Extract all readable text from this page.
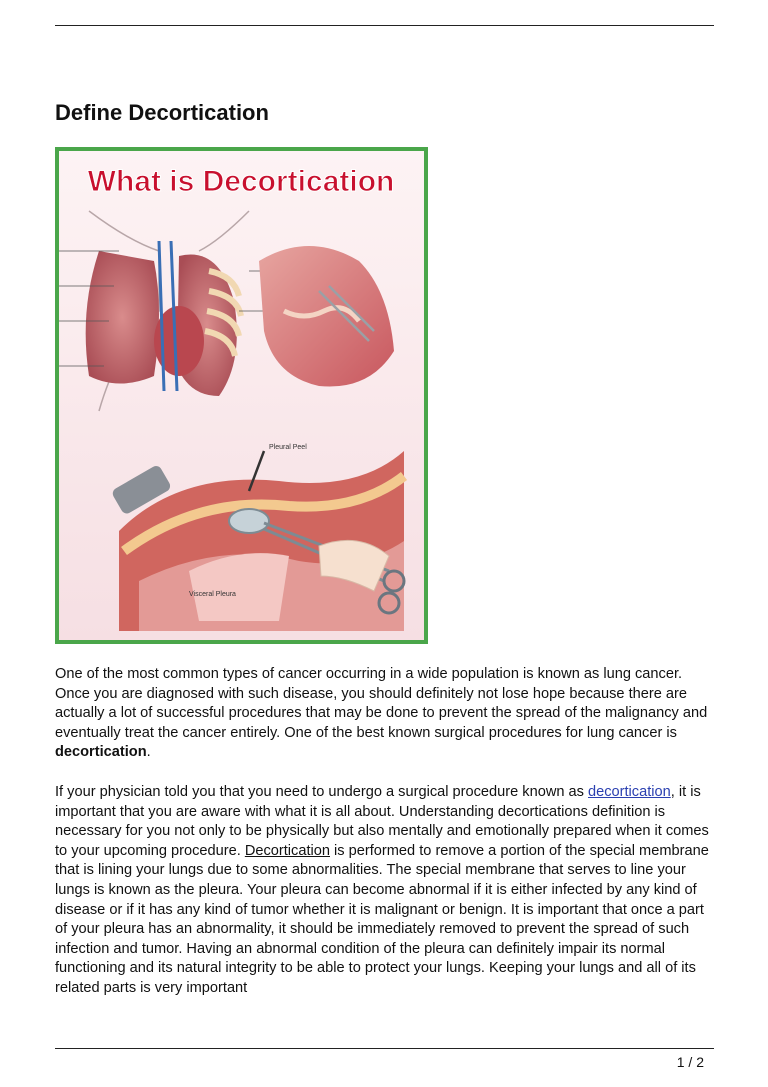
Define Decortication
What is Decortication
Pleural Peel
Visceral Pleura

One of the most common types of cancer occurring in a wide population is known as lung cancer. Once you are diagnosed with such disease, you should definitely not lose hope because there are actually a lot of successful procedures that may be done to prevent the spread of the malignancy and eventually treat the cancer entirely. One of the best known surgical procedures for lung cancer is decortication.

If your physician told you that you need to undergo a surgical procedure known as decortication, it is important that you are aware with what it is all about. Understanding decortications definition is necessary for you not only to be physically but also mentally and emotionally prepared when it comes to your upcoming procedure. Decortication is performed to remove a portion of the special membrane that is lining your lungs due to some abnormalities. The special membrane that serves to line your lungs is known as the pleura. Your pleura can become abnormal if it is either infected by any kind of disease or if it has any kind of tumor whether it is malignant or benign. It is important that once a part of your pleura has an abnormality, it should be immediately removed to prevent the spread of such infection and tumor. Having an abnormal condition of the pleura can definitely impair its normal functioning and its natural integrity to be able to protect your lungs. Keeping your lungs and all of its related parts is very important

1 / 2
